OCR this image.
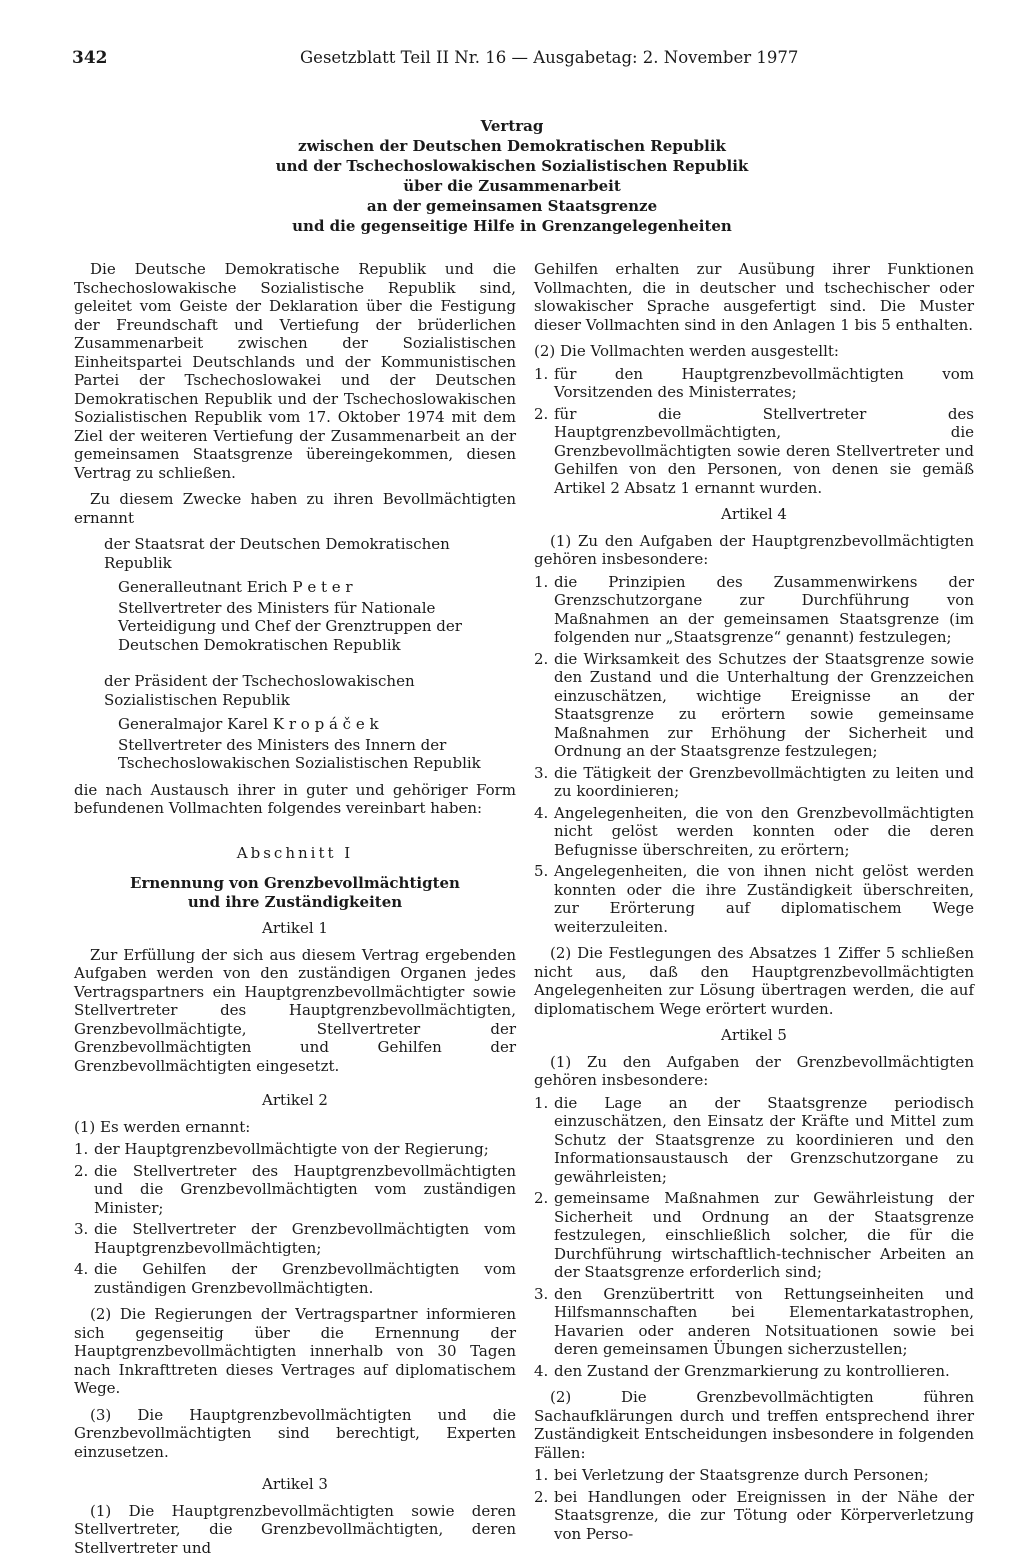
342	Gesetzblatt Teil II Nr. 16 — Ausgabetag: 2. November 1977
Vertrag
zwischen der Deutschen Demokratischen Republik
und der Tschechoslowakischen Sozialistischen Republik
über die Zusammenarbeit
an der gemeinsamen Staatsgrenze
und die gegenseitige Hilfe in Grenzangelegenheiten

Die Deutsche Demokratische Republik und die Tschechoslowakische Sozialistische Republik sind, geleitet vom Geiste der Deklaration über die Festigung der Freundschaft und Vertiefung der brüderlichen Zusammenarbeit zwischen der Sozialistischen Einheitspartei Deutschlands und der Kommunistischen Partei der Tschechoslowakei und der Deutschen Demokratischen Republik und der Tschechoslowakischen Sozialistischen Republik vom 17. Oktober 1974 mit dem Ziel der weiteren Vertiefung der Zusammenarbeit an der gemeinsamen Staatsgrenze übereingekommen, diesen Vertrag zu schließen.

Zu diesem Zwecke haben zu ihren Bevollmächtigten ernannt

der Staatsrat der Deutschen Demokratischen Republik
Generalleutnant Erich P e t e r
Stellvertreter des Ministers für Nationale Verteidigung und Chef der Grenztruppen der Deutschen Demokratischen Republik
der Präsident der Tschechoslowakischen Sozialistischen Republik
Generalmajor Karel K r o p á č e k
Stellvertreter des Ministers des Innern der Tschechoslowakischen Sozialistischen Republik

die nach Austausch ihrer in guter und gehöriger Form befundenen Vollmachten folgendes vereinbart haben:

Abschnitt I
Ernennung von Grenzbevollmächtigten
und ihre Zuständigkeiten
Artikel 1

Zur Erfüllung der sich aus diesem Vertrag ergebenden Aufgaben werden von den zuständigen Organen jedes Vertragspartners ein Hauptgrenzbevollmächtigter sowie Stellvertreter des Hauptgrenzbevollmächtigten, Grenzbevollmächtigte, Stellvertreter der Grenzbevollmächtigten und Gehilfen der Grenzbevollmächtigten eingesetzt.

Artikel 2
(1) Es werden ernannt:
1. der Hauptgrenzbevollmächtigte von der Regierung;
2. die Stellvertreter des Hauptgrenzbevollmächtigten und die Grenzbevollmächtigten vom zuständigen Minister;
3. die Stellvertreter der Grenzbevollmächtigten vom Hauptgrenzbevollmächtigten;
4. die Gehilfen der Grenzbevollmächtigten vom zuständigen Grenzbevollmächtigten.

(2) Die Regierungen der Vertragspartner informieren sich gegenseitig über die Ernennung der Hauptgrenzbevollmächtigten innerhalb von 30 Tagen nach Inkrafttreten dieses Vertrages auf diplomatischem Wege.

(3) Die Hauptgrenzbevollmächtigten und die Grenzbevollmächtigten sind berechtigt, Experten einzusetzen.

Artikel 3

(1) Die Hauptgrenzbevollmächtigten sowie deren Stellvertreter, die Grenzbevollmächtigten, deren Stellvertreter und

Gehilfen erhalten zur Ausübung ihrer Funktionen Vollmachten, die in deutscher und tschechischer oder slowakischer Sprache ausgefertigt sind. Die Muster dieser Vollmachten sind in den Anlagen 1 bis 5 enthalten.

(2) Die Vollmachten werden ausgestellt:
1. für den Hauptgrenzbevollmächtigten vom Vorsitzenden des Ministerrates;
2. für die Stellvertreter des Hauptgrenzbevollmächtigten, die Grenzbevollmächtigten sowie deren Stellvertreter und Gehilfen von den Personen, von denen sie gemäß Artikel 2 Absatz 1 ernannt wurden.
Artikel 4

(1) Zu den Aufgaben der Hauptgrenzbevollmächtigten gehören insbesondere:

1. die Prinzipien des Zusammenwirkens der Grenzschutzorgane zur Durchführung von Maßnahmen an der gemeinsamen Staatsgrenze (im folgenden nur „Staatsgrenze“ genannt) festzulegen;
2. die Wirksamkeit des Schutzes der Staatsgrenze sowie den Zustand und die Unterhaltung der Grenzzeichen einzuschätzen, wichtige Ereignisse an der Staatsgrenze zu erörtern sowie gemeinsame Maßnahmen zur Erhöhung der Sicherheit und Ordnung an der Staatsgrenze festzulegen;
3. die Tätigkeit der Grenzbevollmächtigten zu leiten und zu koordinieren;
4. Angelegenheiten, die von den Grenzbevollmächtigten nicht gelöst werden konnten oder die deren Befugnisse überschreiten, zu erörtern;
5. Angelegenheiten, die von ihnen nicht gelöst werden konnten oder die ihre Zuständigkeit überschreiten, zur Erörterung auf diplomatischem Wege weiterzuleiten.

(2) Die Festlegungen des Absatzes 1 Ziffer 5 schließen nicht aus, daß den Hauptgrenzbevollmächtigten Angelegenheiten zur Lösung übertragen werden, die auf diplomatischem Wege erörtert wurden.

Artikel 5

(1) Zu den Aufgaben der Grenzbevollmächtigten gehören insbesondere:

1. die Lage an der Staatsgrenze periodisch einzuschätzen, den Einsatz der Kräfte und Mittel zum Schutz der Staatsgrenze zu koordinieren und den Informationsaustausch der Grenzschutzorgane zu gewährleisten;
2. gemeinsame Maßnahmen zur Gewährleistung der Sicherheit und Ordnung an der Staatsgrenze festzulegen, einschließlich solcher, die für die Durchführung wirtschaftlich-technischer Arbeiten an der Staatsgrenze erforderlich sind;
3. den Grenzübertritt von Rettungseinheiten und Hilfsmannschaften bei Elementarkatastrophen, Havarien oder anderen Notsituationen sowie bei deren gemeinsamen Übungen sicherzustellen;
4. den Zustand der Grenzmarkierung zu kontrollieren.

(2) Die Grenzbevollmächtigten führen Sachaufklärungen durch und treffen entsprechend ihrer Zuständigkeit Entscheidungen insbesondere in folgenden Fällen:

1. bei Verletzung der Staatsgrenze durch Personen;
2. bei Handlungen oder Ereignissen in der Nähe der Staatsgrenze, die zur Tötung oder Körperverletzung von Perso-
